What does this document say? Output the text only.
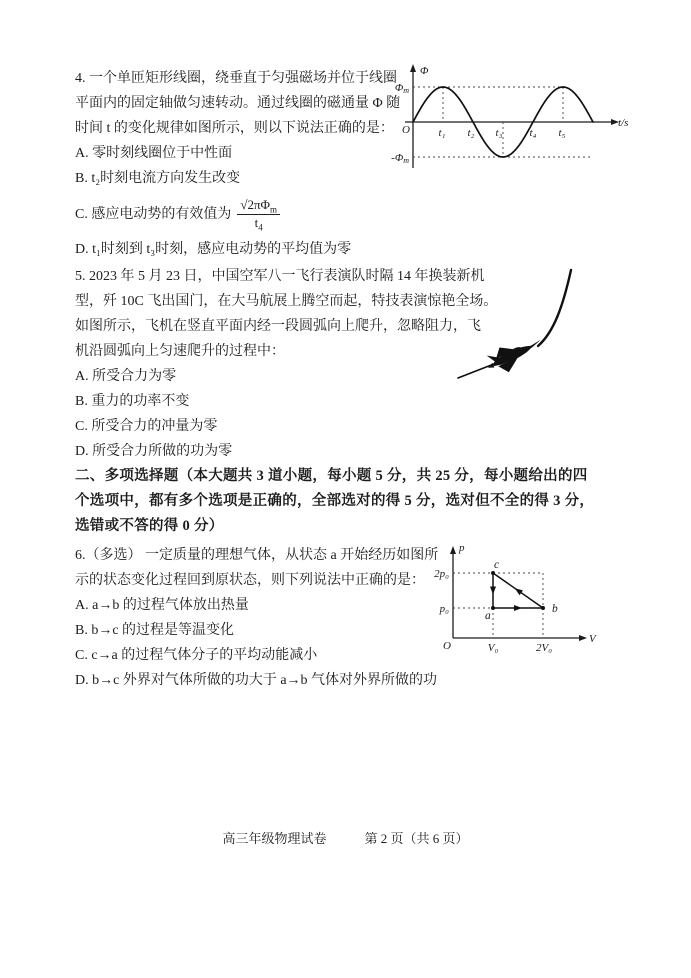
4. 一个单匝矩形线圈，绕垂直于匀强磁场并位于线圈
平面内的固定轴做匀速转动。通过线圈的磁通量 Φ 随
时间 t 的变化规律如图所示，则以下说法正确的是：
A. 零时刻线圈位于中性面
B. t₂时刻电流方向发生改变
C. 感应电动势的有效值为 $\frac{√2\pi\Phi_m}{t_4}$
D. t₁时刻到 t₃时刻，感应电动势的平均值为零
Φ
t/s
O
Φm
-Φm
t₁ t₂ t₃ t₄ t₅
5. 2023 年 5 月 23 日，中国空军八一飞行表演队时隔 14 年换装新机
型，歼 10C 飞出国门，在大马航展上腾空而起，特技表演惊艳全场。
如图所示，飞机在竖直平面内经一段圆弧向上爬升，忽略阻力，飞
机沿圆弧向上匀速爬升的过程中：
A. 所受合力为零
B. 重力的功率不变
C. 所受合力的冲量为零
D. 所受合力所做的功为零
二、多项选择题（本大题共 3 道小题，每小题 5 分，共 25 分，每小题给出的四
个选项中，都有多个选项是正确的，全部选对的得 5 分，选对但不全的得 3 分，
选错或不答的得 0 分）
6.（多选） 一定质量的理想气体，从状态 a 开始经历如图所
示的状态变化过程回到原状态，则下列说法中正确的是：
A. a→b 的过程气体放出热量
B. b→c 的过程是等温变化
C. c→a 的过程气体分子的平均动能减小
D. b→c 外界对气体所做的功大于 a→b 气体对外界所做的功
a
b
c
p
V
O
p₀
2p₀
V₀	2V₀
高三年级物理试卷	第 2 页（共 6 页）
